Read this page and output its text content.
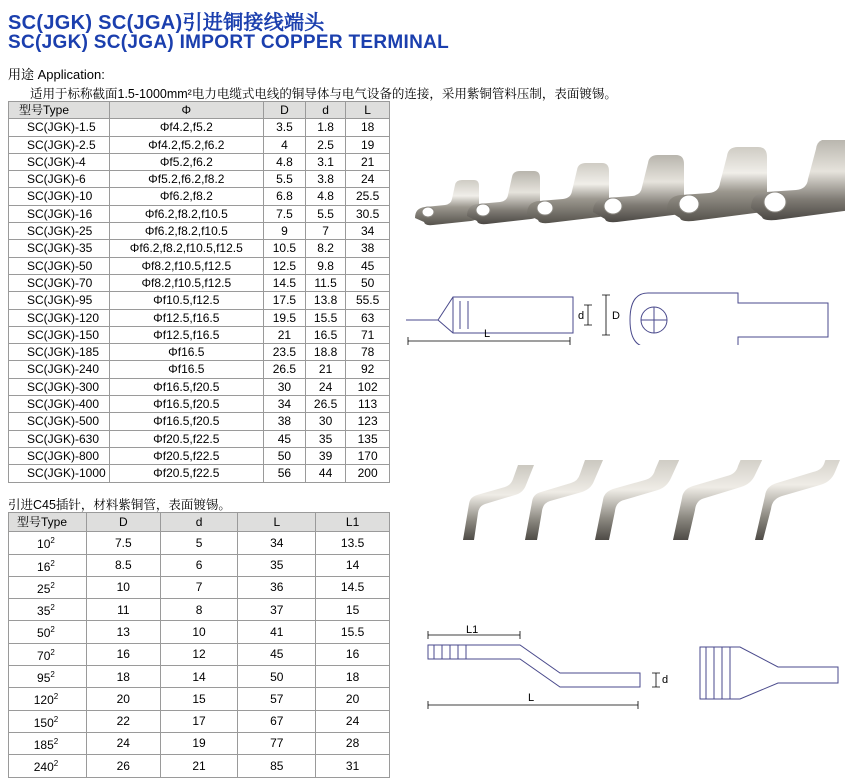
SC(JGK) SC(JGA)引进铜接线端头
SC(JGK) SC(JGA) IMPORT COPPER TERMINAL
用途 Application:
适用于标称截面1.5-1000mm²电力电缆式电线的铜导体与电气设备的连接，采用紫铜管料压制，表面镀锡。
型号Type	Φ	D	d	L
SC(JGK)-1.5	Φf4.2,f5.2	3.5	1.8	18
SC(JGK)-2.5	Φf4.2,f5.2,f6.2	4	2.5	19
SC(JGK)-4	Φf5.2,f6.2	4.8	3.1	21
SC(JGK)-6	Φf5.2,f6.2,f8.2	5.5	3.8	24
SC(JGK)-10	Φf6.2,f8.2	6.8	4.8	25.5
SC(JGK)-16	Φf6.2,f8.2,f10.5	7.5	5.5	30.5
SC(JGK)-25	Φf6.2,f8.2,f10.5	9	7	34
SC(JGK)-35	Φf6.2,f8.2,f10.5,f12.5	10.5	8.2	38
SC(JGK)-50	Φf8.2,f10.5,f12.5	12.5	9.8	45
SC(JGK)-70	Φf8.2,f10.5,f12.5	14.5	11.5	50
SC(JGK)-95	Φf10.5,f12.5	17.5	13.8	55.5
SC(JGK)-120	Φf12.5,f16.5	19.5	15.5	63
SC(JGK)-150	Φf12.5,f16.5	21	16.5	71
SC(JGK)-185	Φf16.5	23.5	18.8	78
SC(JGK)-240	Φf16.5	26.5	21	92
SC(JGK)-300	Φf16.5,f20.5	30	24	102
SC(JGK)-400	Φf16.5,f20.5	34	26.5	113
SC(JGK)-500	Φf16.5,f20.5	38	30	123
SC(JGK)-630	Φf20.5,f22.5	45	35	135
SC(JGK)-800	Φf20.5,f22.5	50	39	170
SC(JGK)-1000	Φf20.5,f22.5	56	44	200
引进C45插针，材料紫铜管，表面镀锡。
型号Type	D	d	L	L1
$10^2$	7.5	5	34	13.5
$16^2$	8.5	6	35	14
$25^2$	10	7	36	14.5
$35^2$	11	8	37	15
$50^2$	13	10	41	15.5
$70^2$	16	12	45	16
$95^2$	18	14	50	18
$120^2$	20	15	57	20
$150^2$	22	17	67	24
$185^2$	24	19	77	28
$240^2$	26	21	85	31
d	D
L
L1
d
L
